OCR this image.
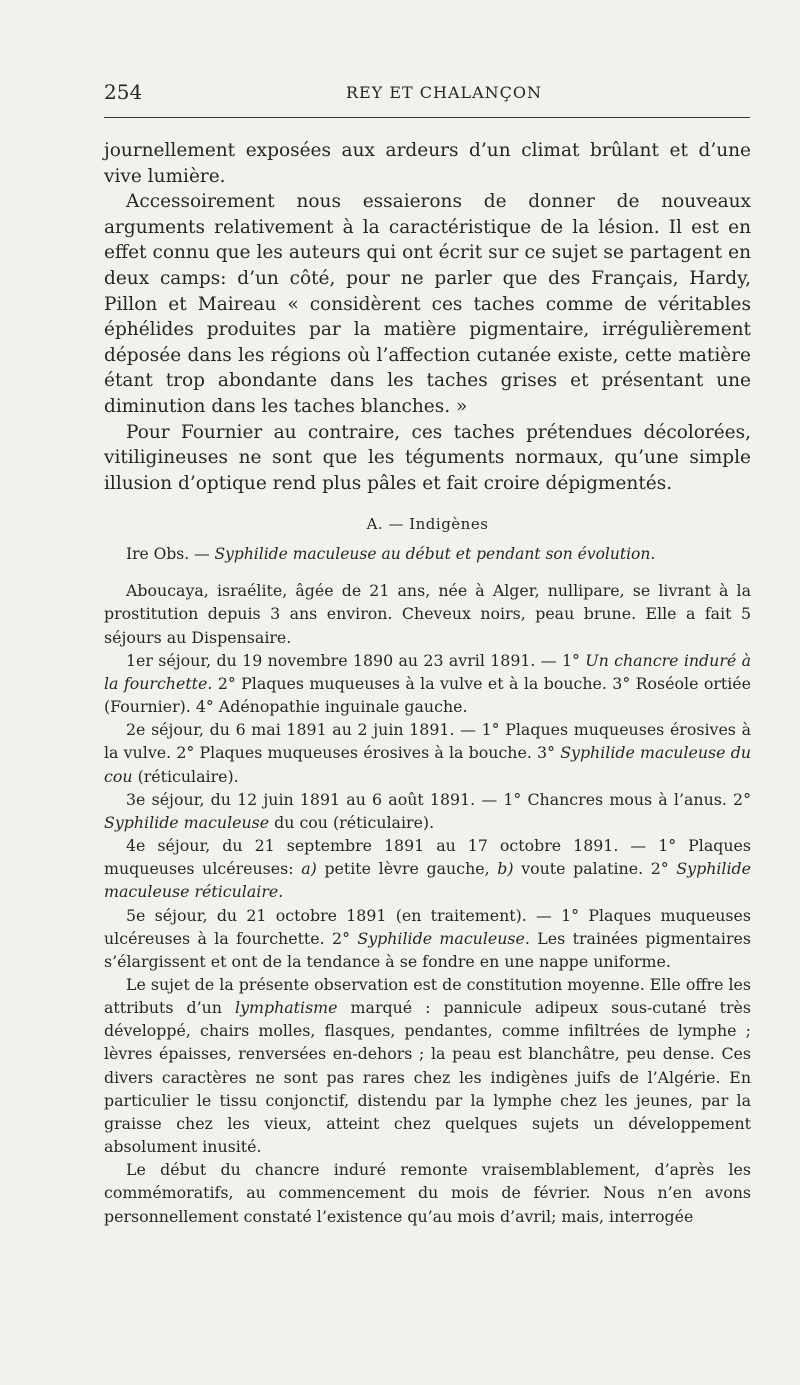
254	REY ET CHALANÇON

journellement exposées aux ardeurs d’un climat brûlant et d’une vive lumière.

Accessoirement nous essaierons de donner de nouveaux arguments relativement à la caractéristique de la lésion. Il est en effet connu que les auteurs qui ont écrit sur ce sujet se partagent en deux camps: d’un côté, pour ne parler que des Français, Hardy, Pillon et Maireau « considèrent ces taches comme de véritables éphélides produites par la matière pigmentaire, irrégulièrement déposée dans les régions où l’affection cutanée existe, cette matière étant trop abondante dans les taches grises et présentant une diminution dans les taches blanches. »

Pour Fournier au contraire, ces taches prétendues décolorées, vitiligineuses ne sont que les téguments normaux, qu’une simple illusion d’optique rend plus pâles et fait croire dépigmentés.

A. — Indigènes
Ire Obs. — Syphilide maculeuse au début et pendant son évolution.

Aboucaya, israélite, âgée de 21 ans, née à Alger, nullipare, se livrant à la prostitution depuis 3 ans environ. Cheveux noirs, peau brune. Elle a fait 5 séjours au Dispensaire.

1er séjour, du 19 novembre 1890 au 23 avril 1891. — 1° Un chancre induré à la fourchette. 2° Plaques muqueuses à la vulve et à la bouche. 3° Roséole ortiée (Fournier). 4° Adénopathie inguinale gauche.

2e séjour, du 6 mai 1891 au 2 juin 1891. — 1° Plaques muqueuses érosives à la vulve. 2° Plaques muqueuses érosives à la bouche. 3° Syphilide maculeuse du cou (réticulaire).

3e séjour, du 12 juin 1891 au 6 août 1891. — 1° Chancres mous à l’anus. 2° Syphilide maculeuse du cou (réticulaire).

4e séjour, du 21 septembre 1891 au 17 octobre 1891. — 1° Plaques muqueuses ulcéreuses: a) petite lèvre gauche, b) voute palatine. 2° Syphilide maculeuse réticulaire.

5e séjour, du 21 octobre 1891 (en traitement). — 1° Plaques muqueuses ulcéreuses à la fourchette. 2° Syphilide maculeuse. Les trainées pigmentaires s’élargissent et ont de la tendance à se fondre en une nappe uniforme.

Le sujet de la présente observation est de constitution moyenne. Elle offre les attributs d’un lymphatisme marqué : pannicule adipeux sous-cutané très développé, chairs molles, flasques, pendantes, comme infiltrées de lymphe ; lèvres épaisses, renversées en-dehors ; la peau est blanchâtre, peu dense. Ces divers caractères ne sont pas rares chez les indigènes juifs de l’Algérie. En particulier le tissu conjonctif, distendu par la lymphe chez les jeunes, par la graisse chez les vieux, atteint chez quelques sujets un développement absolument inusité.

Le début du chancre induré remonte vraisemblablement, d’après les commémoratifs, au commencement du mois de février. Nous n’en avons personnellement constaté l’existence qu’au mois d’avril; mais, interrogée
